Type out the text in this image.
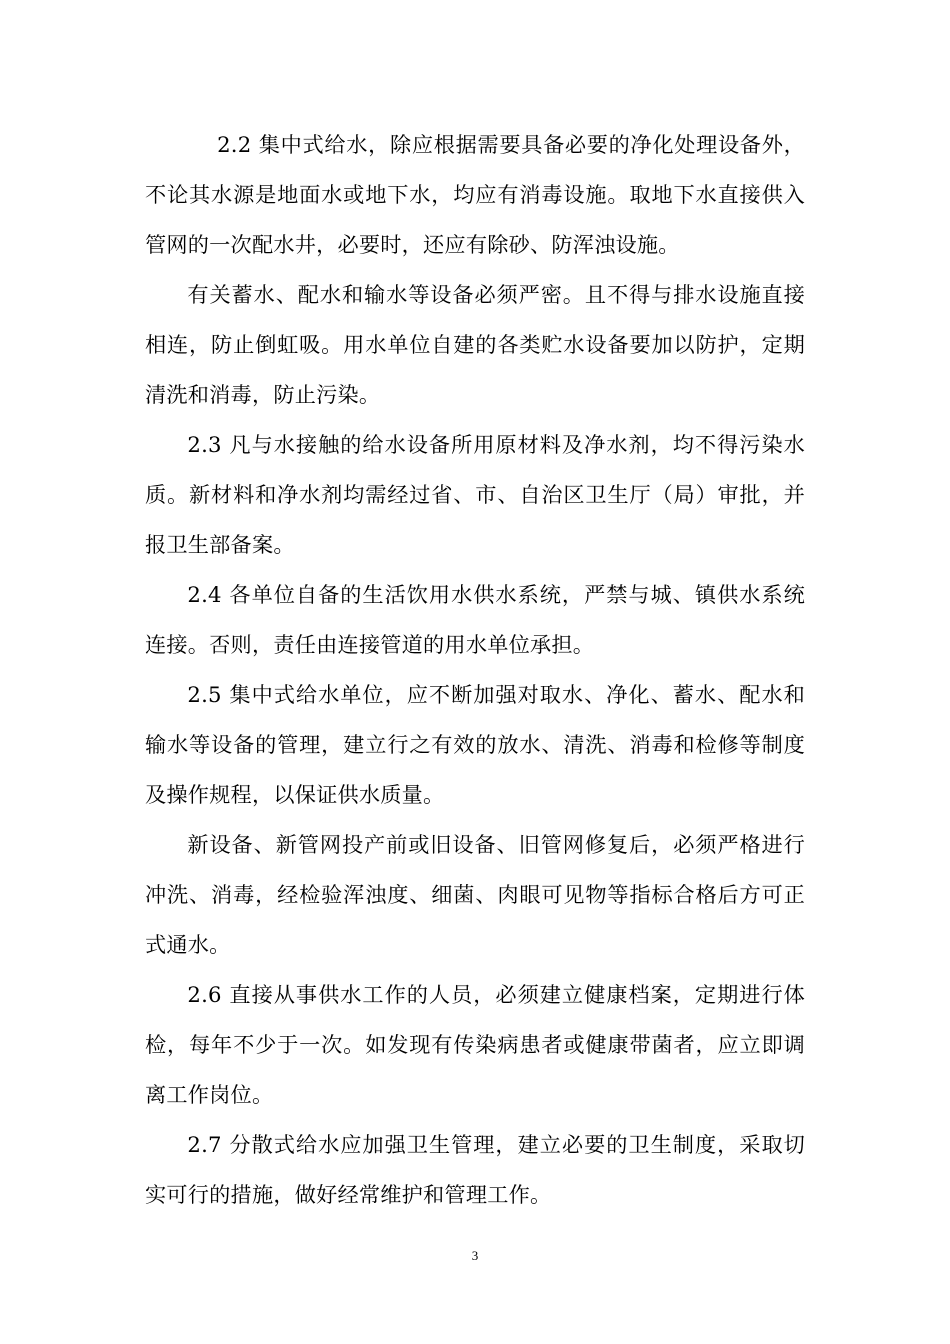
2.2 集中式给水，除应根据需要具备必要的净化处理设备外，不论其水源是地面水或地下水，均应有消毒设施。取地下水直接供入管网的一次配水井，必要时，还应有除砂、防浑浊设施。

有关蓄水、配水和输水等设备必须严密。且不得与排水设施直接相连，防止倒虹吸。用水单位自建的各类贮水设备要加以防护，定期清洗和消毒，防止污染。

2.3 凡与水接触的给水设备所用原材料及净水剂，均不得污染水质。新材料和净水剂均需经过省、市、自治区卫生厅（局）审批，并报卫生部备案。

2.4 各单位自备的生活饮用水供水系统，严禁与城、镇供水系统连接。否则，责任由连接管道的用水单位承担。

2.5 集中式给水单位，应不断加强对取水、净化、蓄水、配水和输水等设备的管理，建立行之有效的放水、清洗、消毒和检修等制度及操作规程，以保证供水质量。

新设备、新管网投产前或旧设备、旧管网修复后，必须严格进行冲洗、消毒，经检验浑浊度、细菌、肉眼可见物等指标合格后方可正式通水。

2.6 直接从事供水工作的人员，必须建立健康档案，定期进行体检，每年不少于一次。如发现有传染病患者或健康带菌者，应立即调离工作岗位。

2.7 分散式给水应加强卫生管理，建立必要的卫生制度，采取切实可行的措施，做好经常维护和管理工作。

3
